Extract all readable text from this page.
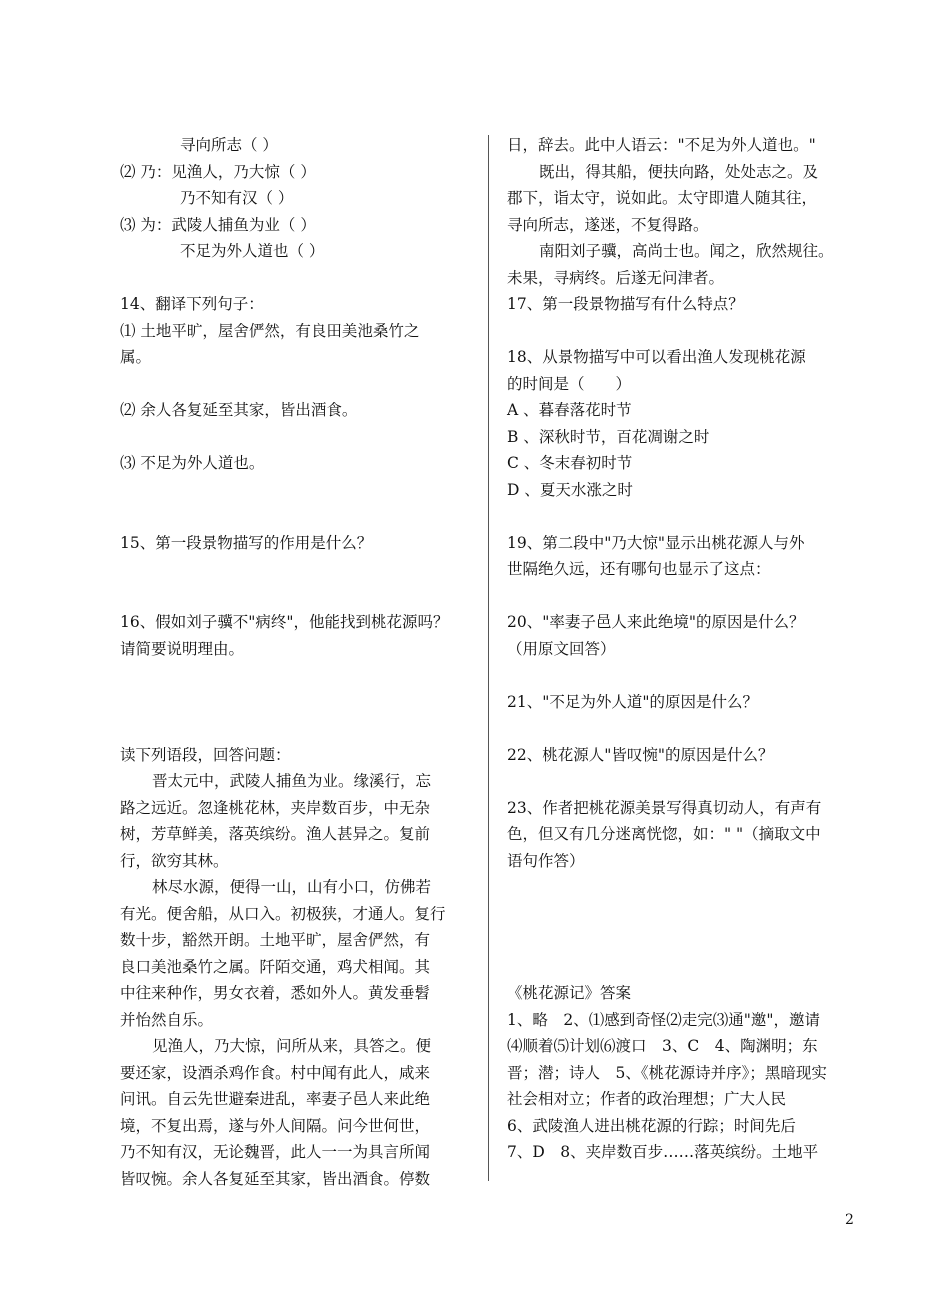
寻向所志（ ）
⑵ 乃：见渔人，乃大惊（ ）
乃不知有汉（ ）
⑶ 为：武陵人捕鱼为业（ ）
不足为外人道也（ ）
14、翻译下列句子：
⑴ 土地平旷，屋舍俨然，有良田美池桑竹之
属。
⑵ 余人各复延至其家，皆出酒食。
⑶ 不足为外人道也。
15、第一段景物描写的作用是什么？
16、假如刘子骥不"病终"，他能找到桃花源吗？
请简要说明理由。
读下列语段，回答问题：
晋太元中，武陵人捕鱼为业。缘溪行，忘
路之远近。忽逢桃花林，夹岸数百步，中无杂
树，芳草鲜美，落英缤纷。渔人甚异之。复前
行，欲穷其林。
林尽水源，便得一山，山有小口，仿佛若
有光。便舍船，从口入。初极狭，才通人。复行
数十步，豁然开朗。土地平旷，屋舍俨然，有
良口美池桑竹之属。阡陌交通，鸡犬相闻。其
中往来种作，男女衣着，悉如外人。黄发垂髫
并怡然自乐。
见渔人，乃大惊，问所从来，具答之。便
要还家，设酒杀鸡作食。村中闻有此人，咸来
问讯。自云先世避秦进乱，率妻子邑人来此绝
境，不复出焉，遂与外人间隔。问今世何世，
乃不知有汉，无论魏晋，此人一一为具言所闻
皆叹惋。余人各复延至其家，皆出酒食。停数
日，辞去。此中人语云："不足为外人道也。"
既出，得其船，便扶向路，处处志之。及
郡下，诣太守，说如此。太守即遣人随其往，
寻向所志，遂迷，不复得路。
南阳刘子骥，高尚士也。闻之，欣然规往。
未果，寻病终。后遂无问津者。
17、第一段景物描写有什么特点？
18、从景物描写中可以看出渔人发现桃花源
的时间是（　　）
A 、暮春落花时节
B 、深秋时节，百花凋谢之时
C 、冬末春初时节
D 、夏天水涨之时
19、第二段中"乃大惊"显示出桃花源人与外
世隔绝久远，还有哪句也显示了这点：
20、"率妻子邑人来此绝境"的原因是什么？
（用原文回答）
21、"不足为外人道"的原因是什么？
22、桃花源人"皆叹惋"的原因是什么？
23、作者把桃花源美景写得真切动人，有声有
色，但又有几分迷离恍惚，如：" "（摘取文中
语句作答）
《桃花源记》答案
1、略　2、⑴感到奇怪⑵走完⑶通"邀"，邀请
⑷顺着⑸计划⑹渡口　3、C　4、陶渊明；东
晋；潜；诗人　5、《桃花源诗并序》；黑暗现实
社会相对立；作者的政治理想；广大人民
6、武陵渔人进出桃花源的行踪；时间先后
7、D　8、夹岸数百步……落英缤纷。土地平
2
